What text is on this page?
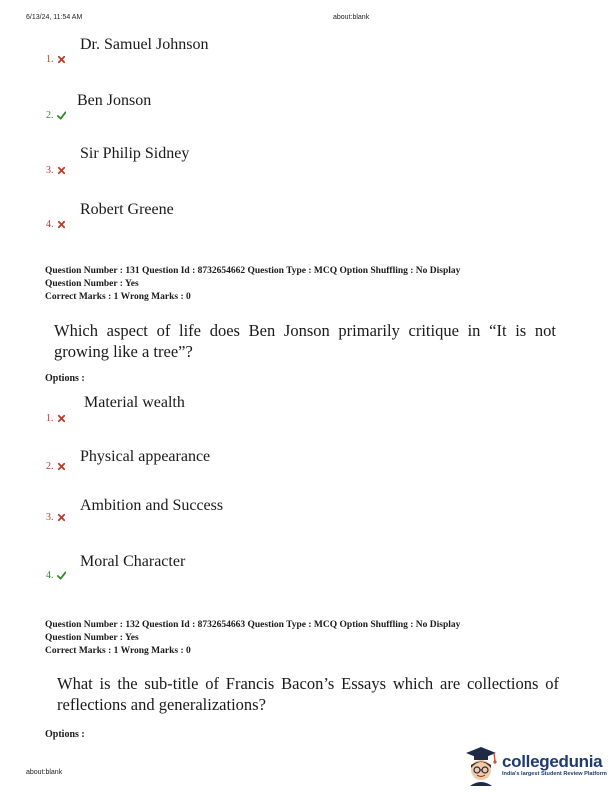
6/13/24, 11:54 AM	about:blank
Dr. Samuel Johnson
1.
Ben Jonson
2.
Sir Philip Sidney
3.
Robert Greene
4.
Question Number : 131 Question Id : 8732654662 Question Type : MCQ Option Shuffling : No Display
Question Number : Yes
Correct Marks : 1 Wrong Marks : 0
Which aspect of life does Ben Jonson primarily critique in “It is not growing like a tree”?
Options :
Material wealth
1.
Physical appearance
2.
Ambition and Success
3.
Moral Character
4.
Question Number : 132 Question Id : 8732654663 Question Type : MCQ Option Shuffling : No Display
Question Number : Yes
Correct Marks : 1 Wrong Marks : 0
What is the sub-title of Francis Bacon’s Essays which are collections of reflections and generalizations?
Options :
about:blank
collegedunia
India's largest Student Review Platform
